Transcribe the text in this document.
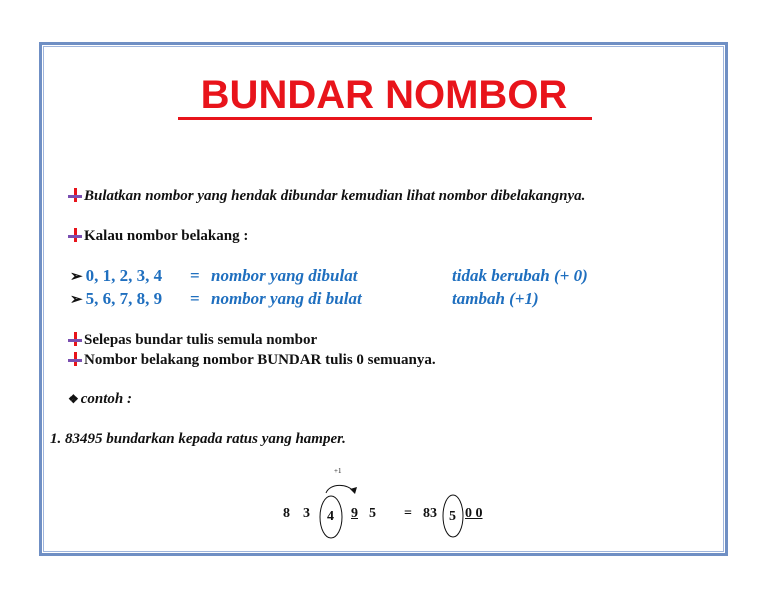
BUNDAR NOMBOR
Bulatkan nombor yang hendak dibundar kemudian lihat nombor dibelakangnya.
Kalau nombor belakang :
➢ 0, 1, 2, 3, 4 = nombor yang dibulat	tidak berubah (+ 0)
➢ 5, 6, 7, 8, 9 = nombor yang di bulat	tambah (+1)
Selepas bundar tulis semula nombor
Nombor belakang nombor BUNDAR tulis 0 semuanya.
❖ contoh :
1. 83495 bundarkan kepada ratus yang hamper.
+1
8 3 4 9 5 = 83 5 0 0
